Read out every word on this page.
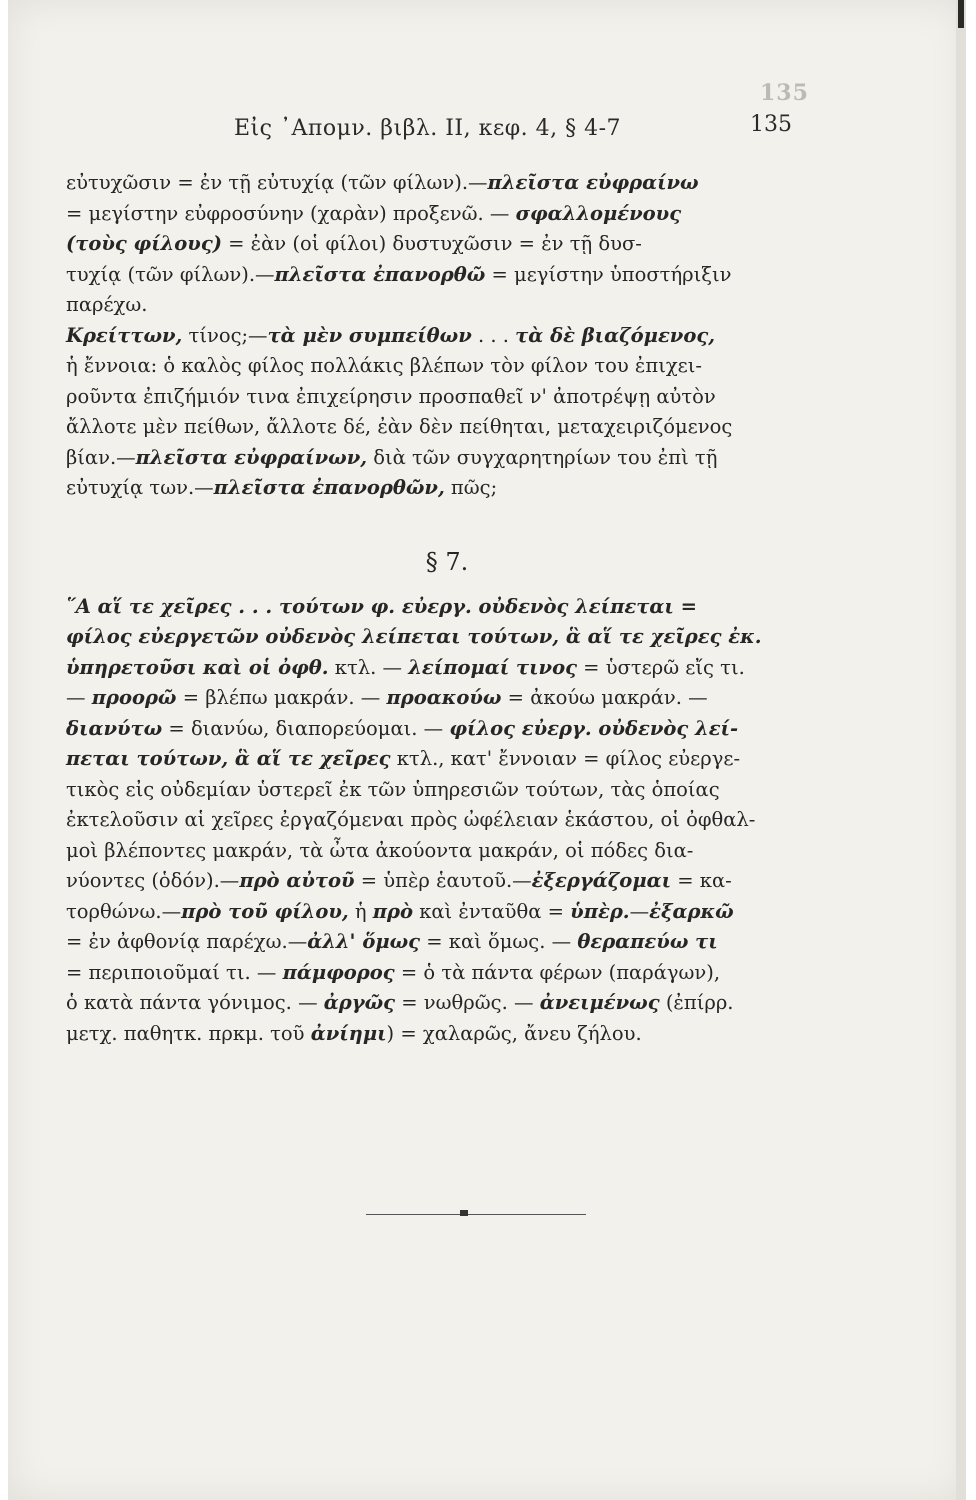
135
Εἰς ᾿Απομν. βιβλ. ΙΙ, κεφ. 4, § 4-7	135
εὐτυχῶσιν = ἐν τῇ εὐτυχίᾳ (τῶν φίλων).—πλεῖστα εὐφραίνω
= μεγίστην εὐφροσύνην (χαρὰν) προξενῶ. — σφαλλομένους
(τοὺς φίλους) = ἐὰν (οἱ φίλοι) δυστυχῶσιν = ἐν τῇ δυσ-
τυχίᾳ (τῶν φίλων).—πλεῖστα ἐπανορθῶ = μεγίστην ὑποστήριξιν
παρέχω.
Κρείττων, τίνος;—τὰ μὲν συμπείθων . . . τὰ δὲ βιαζόμενος,
ἡ ἔννοια: ὁ καλὸς φίλος πολλάκις βλέπων τὸν φίλον του ἐπιχει-
ροῦντα ἐπιζήμιόν τινα ἐπιχείρησιν προσπαθεῖ ν' ἀποτρέψῃ αὐτὸν
ἄλλοτε μὲν πείθων, ἄλλοτε δέ, ἐὰν δὲν πείθηται, μεταχειριζόμενος
βίαν.—πλεῖστα εὐφραίνων, διὰ τῶν συγχαρητηρίων του ἐπὶ τῇ
εὐτυχίᾳ των.—πλεῖστα ἐπανορθῶν, πῶς;
§ 7.
῞Α αἵ τε χεῖρες . . . τούτων φ. εὐεργ. οὐδενὸς λείπεται =
φίλος εὐεργετῶν οὐδενὸς λείπεται τούτων, ἃ αἵ τε χεῖρες ἐκ.
ὑπηρετοῦσι καὶ οἱ ὀφθ. κτλ. — λείπομαί τινος = ὑστερῶ εἴς τι.
— προορῶ = βλέπω μακράν. — προακούω = ἀκούω μακράν. —
διανύτω = διανύω, διαπορεύομαι. — φίλος εὐεργ. οὐδενὸς λεί-
πεται τούτων, ἃ αἵ τε χεῖρες κτλ., κατ' ἔννοιαν = φίλος εὐεργε-
τικὸς εἰς οὐδεμίαν ὑστερεῖ ἐκ τῶν ὑπηρεσιῶν τούτων, τὰς ὁποίας
ἐκτελοῦσιν αἱ χεῖρες ἐργαζόμεναι πρὸς ὠφέλειαν ἑκάστου, οἱ ὀφθαλ-
μοὶ βλέποντες μακράν, τὰ ὦτα ἀκούοντα μακράν, οἱ πόδες δια-
νύοντες (ὁδόν).—πρὸ αὐτοῦ = ὑπὲρ ἑαυτοῦ.—ἐξεργάζομαι = κα-
τορθώνω.—πρὸ τοῦ φίλου, ἡ πρὸ καὶ ἐνταῦθα = ὑπὲρ.—ἐξαρκῶ
= ἐν ἀφθονίᾳ παρέχω.—ἀλλ' ὅμως = καὶ ὅμως. — θεραπεύω τι
= περιποιοῦμαί τι. — πάμφορος = ὁ τὰ πάντα φέρων (παράγων),
ὁ κατὰ πάντα γόνιμος. — ἀργῶς = νωθρῶς. — ἀνειμένως (ἐπίρρ.
μετχ. παθητκ. πρκμ. τοῦ ἀνίημι) = χαλαρῶς, ἄνευ ζήλου.
